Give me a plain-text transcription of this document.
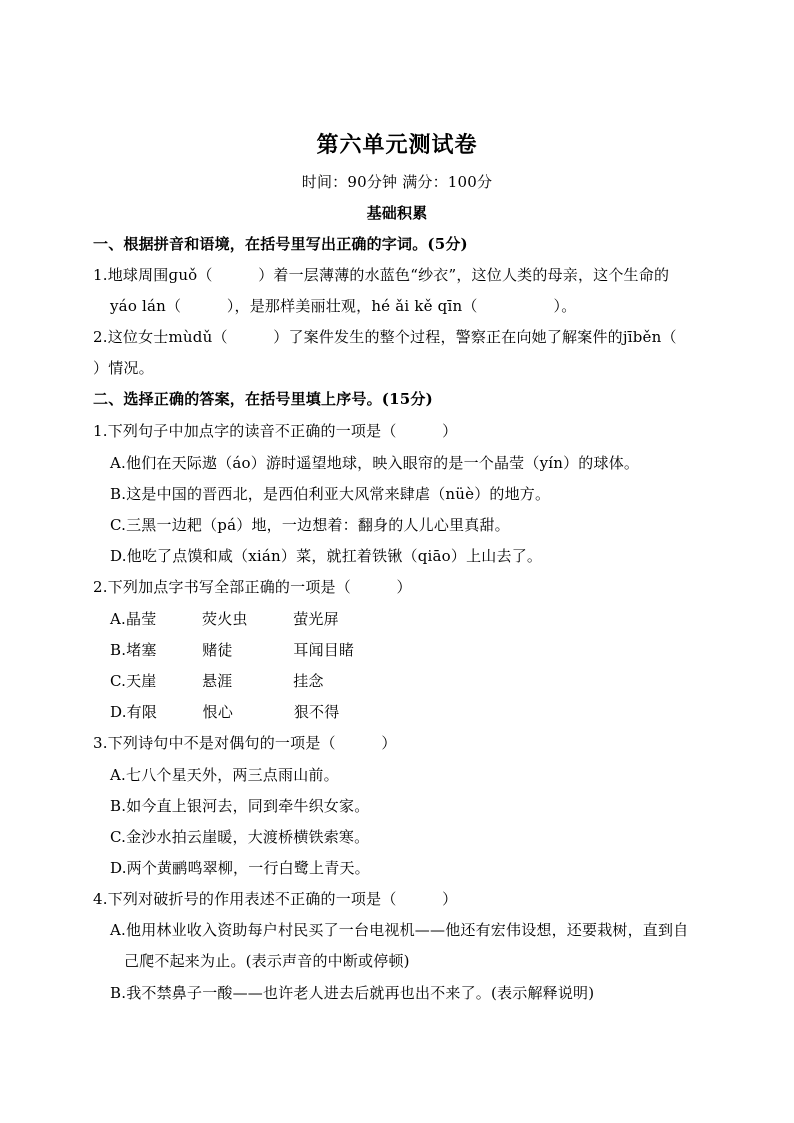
第六单元测试卷
时间：90分钟 满分：100分
基础积累
一、根据拼音和语境，在括号里写出正确的字词。(5分)
1.地球周围ɡuǒ（　　　）着一层薄薄的水蓝色“纱衣”，这位人类的母亲，这个生命的
yáo lán（　　　），是那样美丽壮观，hé ǎi kě qīn（　　　　　）。
2.这位女士mùdǔ（　　　）了案件发生的整个过程，警察正在向她了解案件的jīběn（
）情况。
二、选择正确的答案，在括号里填上序号。(15分)
1.下列句子中加点字的读音不正确的一项是（　　　）
A.他们在天际遨（áo）游时遥望地球，映入眼帘的是一个晶莹（yín）的球体。
B.这是中国的晋西北，是西伯利亚大风常来肆虐（nüè）的地方。
C.三黑一边耙（pá）地，一边想着：翻身的人儿心里真甜。
D.他吃了点馍和咸（xián）菜，就扛着铁锹（qiāo）上山去了。
2.下列加点字书写全部正确的一项是（　　　）
A.晶莹　　　荧火虫　　　萤光屏
B.堵塞　　　赌徒　　　　耳闻目睹
C.天崖　　　悬涯　　　　挂念
D.有限　　　恨心　　　　狠不得
3.下列诗句中不是对偶句的一项是（　　　）
A.七八个星天外，两三点雨山前。
B.如今直上银河去，同到牵牛织女家。
C.金沙水拍云崖暖，大渡桥横铁索寒。
D.两个黄鹂鸣翠柳，一行白鹭上青天。
4.下列对破折号的作用表述不正确的一项是（　　　）
A.他用林业收入资助每户村民买了一台电视机——他还有宏伟设想，还要栽树，直到自
己爬不起来为止。(表示声音的中断或停顿)
B.我不禁鼻子一酸——也许老人进去后就再也出不来了。(表示解释说明)
